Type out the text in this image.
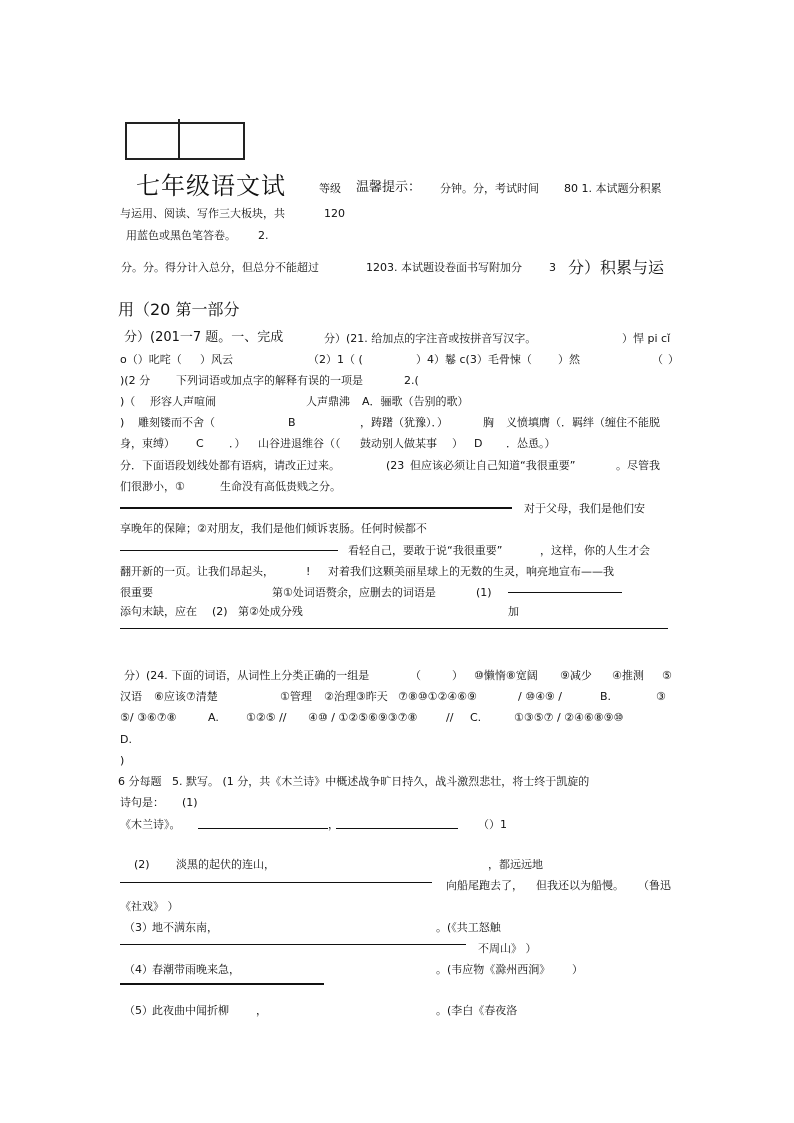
七年级语文试	等级 温馨提示： 分钟。分，考试时间 80 1. 本试题分积累
与运用、阅读、写作三大板块，共	120
用蓝色或黑色笔答卷。 2.
分。分。得分计入总分，但总分不能超过	1203. 本试题设卷面书写附加分 3 分）积累与运
用（20 第一部分
分）(201一7 题。一、完成	分）(21. 给加点的字注音或按拼音写汉字。	）悍 pi cǐ
o（）叱咤（ ）风云	（2）1（ (	）4）鬈 c(3）毛骨悚（ ）然	（ ）
)(2 分 下列词语或加点字的解释有误的一项是	2.(
)（ 形容人声喧闹	人声鼎沸 A．骊歌（告别的歌）
) 雕刻镂而不舍（	B	，踌躇（犹豫）．）	胸 义愤填膺（．羁绊（缠住不能脱
身，束缚） C ．） 山谷进退维谷（（ 鼓动别人做某事 ） D ．怂恿。）
分．下面语段划线处都有语病，请改正过来。	(23 但应该必须让自己知道“我很重要”	。尽管我
们很渺小，①	生命没有高低贵贱之分。
对于父母，我们是他们安
享晚年的保障；②对朋友，我们是他们倾诉衷肠。任何时候都不
看轻自己，要敢于说“我很重要”	，这样，你的人生才会
翻开新的一页。让我们昂起头，	! 对着我们这颗美丽星球上的无数的生灵，响亮地宣布——我
很重要	第①处词语赘余，应删去的词语是	(1)
添句末缺，应在 (2) 第②处成分残	加
分）(24. 下面的词语，从词性上分类正确的一组是	（	） ⑩懒惰⑧宽阔 ⑨减少 ④推测 ⑤
汉语 ⑥应该⑦清楚	①管理 ②治理③昨天 ⑦⑧⑩①②④⑥⑨	/ ⑩④⑨ /	B.	③
⑤/ ③⑥⑦⑧	A. ①②⑤ // ④⑩ / ①②⑤⑥⑨③⑦⑧	// C.	①③⑤⑦ / ②④⑥⑧⑨⑩
D.
)
6 分每题 5. 默写。 (1 分，共《木兰诗》中概述战争旷日持久，战斗激烈悲壮，将士终于凯旋的
诗句是： (1)
《木兰诗》。	，	（）1
(2) 淡黑的起伏的连山，	，都远远地
向船尾跑去了， 但我还以为船慢。 （鲁迅
《社戏》 ）
（3） 地不满东南，	。(《共工怒触
不周山》 ）
（4） 春潮带雨晚来急，	。(韦应物《滁州西涧》 ）
（5） 此夜曲中闻折柳 ，	。(李白《春夜洛
